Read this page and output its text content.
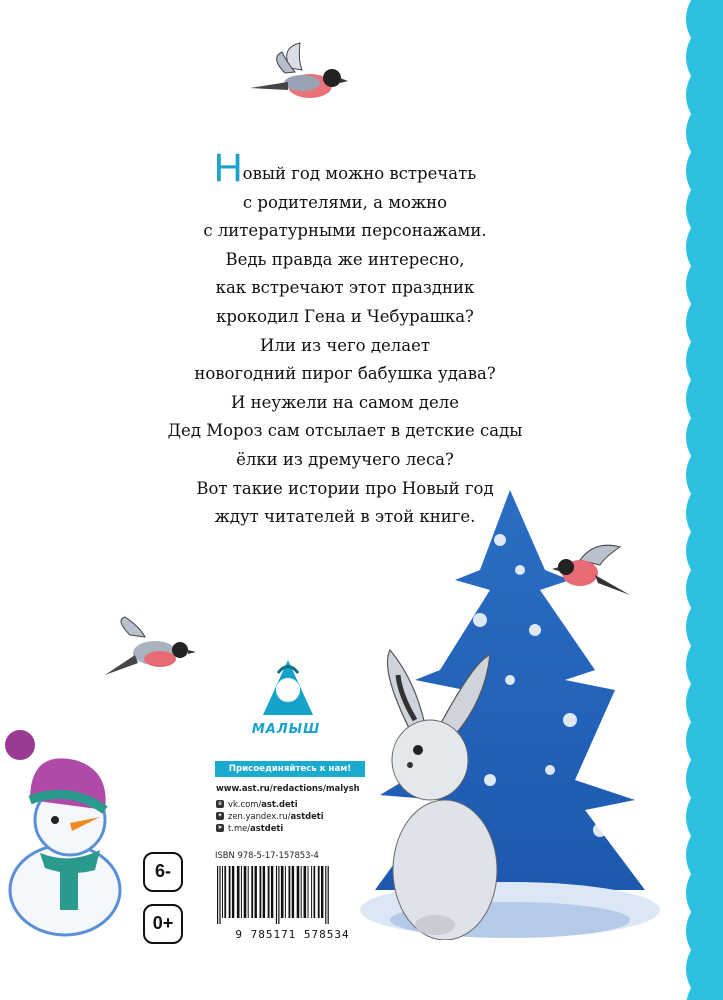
Новый год можно встречать
с родителями, а можно
с литературными персонажами.
Ведь правда же интересно,
как встречают этот праздник
крокодил Гена и Чебурашка?
Или из чего делает
новогодний пирог бабушка удава?
И неужели на самом деле
Дед Мороз сам отсылает в детские сады
ёлки из дремучего леса?
Вот такие истории про Новый год
ждут читателей в этой книге.
МАЛЫШ
Присоединяйтесь к нам!
www.ast.ru/redactions/malysh
в vk.com/ast.deti
✦ zen.yandex.ru/astdeti
➤ t.me/astdeti
6-
0+
ISBN 978-5-17-157853-4
9 785171 578534
